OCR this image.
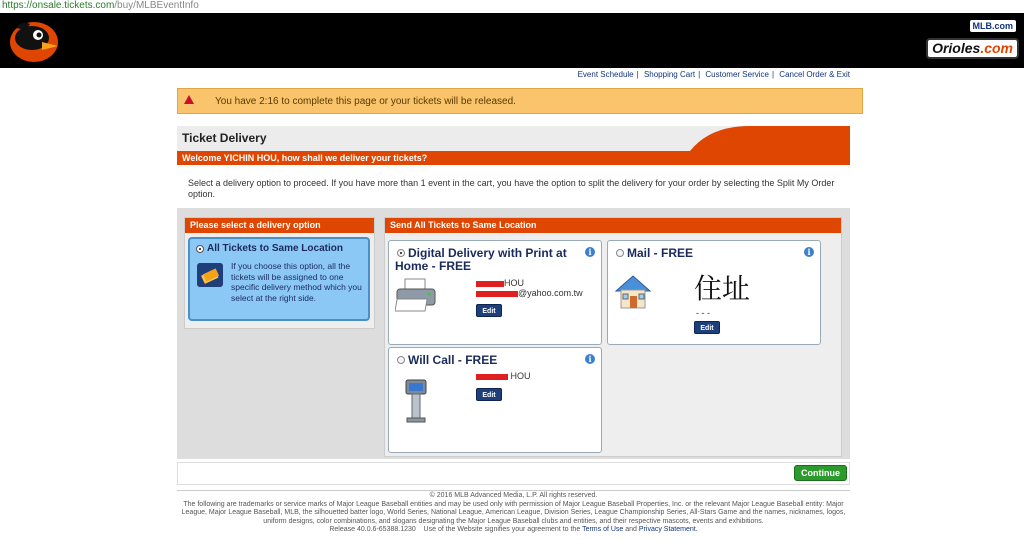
https://onsale.tickets.com/buy/MLBEventInfo
MLB.com
Orioles.com
Event Schedule | Shopping Cart | Customer Service | Cancel Order & Exit
You have 2:16 to complete this page or your tickets will be released.
Ticket Delivery
Welcome YICHIN HOU, how shall we deliver your tickets?
Select a delivery option to proceed. If you have more than 1 event in the cart, you have the option to split the delivery for your order by selecting the Split My Order option.
Please select a delivery option
All Tickets to Same Location
If you choose this option, all the tickets will be assigned to one specific delivery method which you select at the right side.
Send All Tickets to Same Location
Digital Delivery with Print at Home - FREE
i
HOU
@yahoo.com.tw
Edit
Mail - FREE	i
住址
- - -
Edit
Will Call - FREE	i
HOU
Edit
Continue
© 2016 MLB Advanced Media, L.P. All rights reserved.
The following are trademarks or service marks of Major League Baseball entities and may be used only with permission of Major League Baseball Properties, Inc. or the relevant Major League Baseball entity: Major League, Major League Baseball, MLB, the silhouetted batter logo, World Series, National League, American League, Division Series, League Championship Series, All-Stars Game and the names, nicknames, logos, uniform designs, color combinations, and slogans designating the Major League Baseball clubs and entities, and their respective mascots, events and exhibitions.
Release 40.0.6-65388.1230 Use of the Website signifies your agreement to the Terms of Use and Privacy Statement.
